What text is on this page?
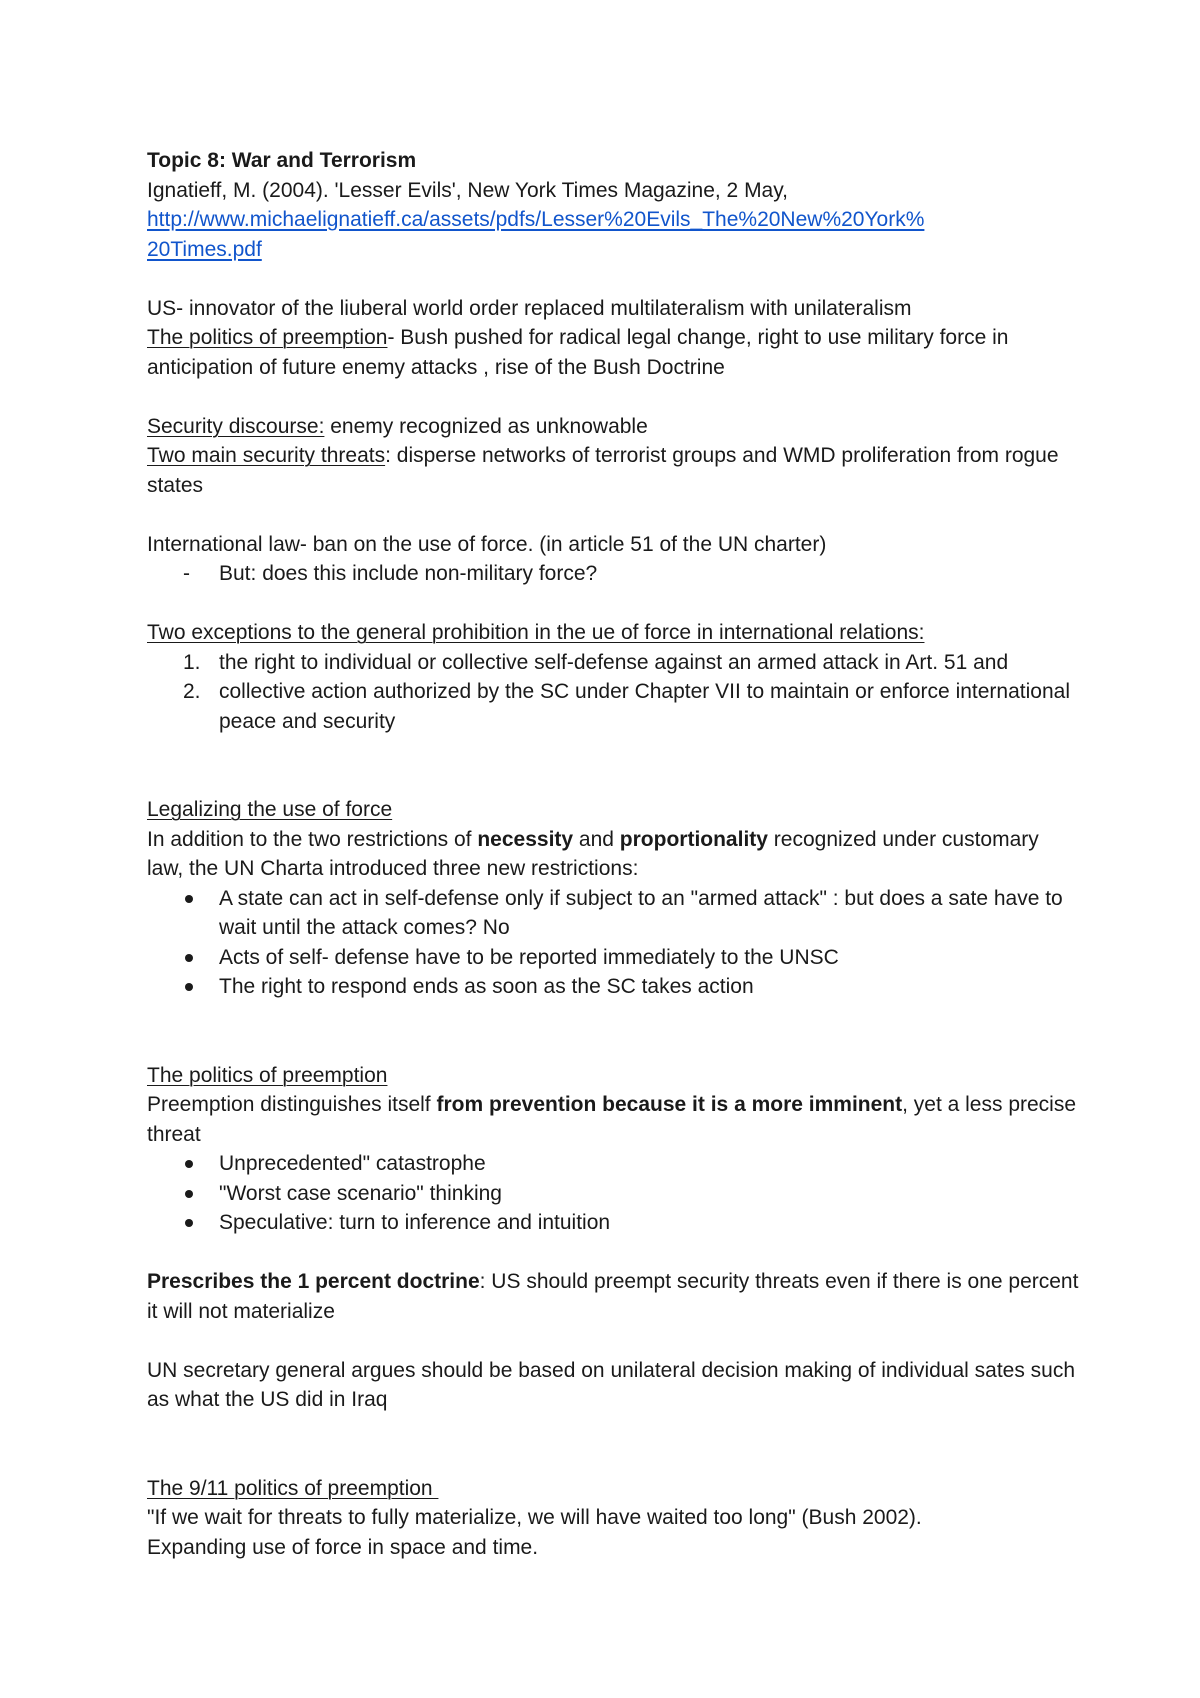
Topic 8: War and Terrorism

Ignatieff, M. (2004). 'Lesser Evils', New York Times Magazine, 2 May,

http://www.michaelignatieff.ca/assets/pdfs/Lesser%20Evils_The%20New%20York%20Times.pdf

US- innovator of the liuberal world order replaced multilateralism with unilateralism

The politics of preemption- Bush pushed for radical legal change, right to use military force in anticipation of future enemy attacks , rise of the Bush Doctrine

Security discourse: enemy recognized as unknowable

Two main security threats: disperse networks of terrorist groups and WMD proliferation from rogue states

International law- ban on the use of force. (in article 51 of the UN charter)

-	But: does this include non-military force?

Two exceptions to the general prohibition in the ue of force in international relations:

1. the right to individual or collective self-defense against an armed attack in Art. 51 and
2. collective action authorized by the SC under Chapter VII to maintain or enforce international peace and security

Legalizing the use of force

In addition to the two restrictions of necessity and proportionality recognized under customary law, the UN Charta introduced three new restrictions:

A state can act in self-defense only if subject to an "armed attack" : but does a sate have to wait until the attack comes? No
Acts of self- defense have to be reported immediately to the UNSC
The right to respond ends as soon as the SC takes action

The politics of preemption

Preemption distinguishes itself from prevention because it is a more imminent, yet a less precise threat

Unprecedented" catastrophe
"Worst case scenario" thinking
Speculative: turn to inference and intuition

Prescribes the 1 percent doctrine: US should preempt security threats even if there is one percent it will not materialize

UN secretary general argues should be based on unilateral decision making of individual sates such as what the US did in Iraq

The 9/11 politics of preemption

"If we wait for threats to fully materialize, we will have waited too long" (Bush 2002).

Expanding use of force in space and time.
